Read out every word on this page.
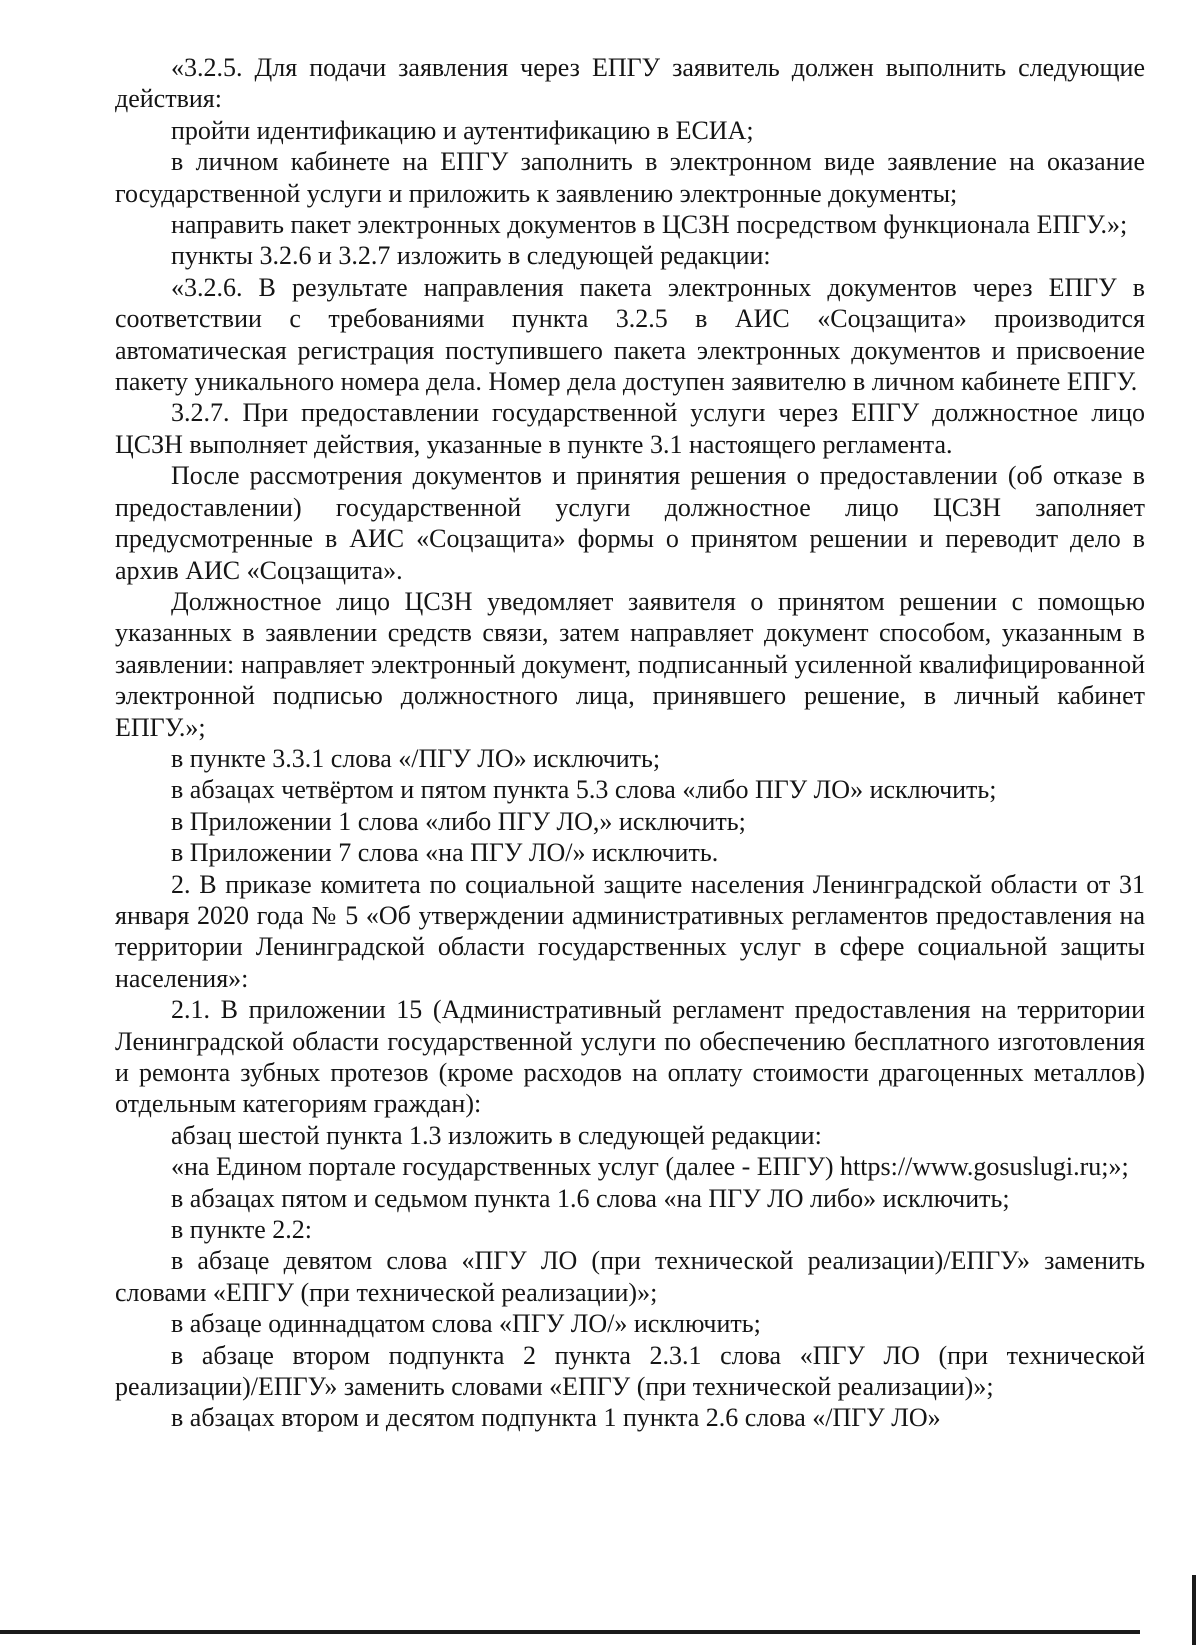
«3.2.5. Для подачи заявления через ЕПГУ заявитель должен выполнить следующие действия:

пройти идентификацию и аутентификацию в ЕСИА;

в личном кабинете на ЕПГУ заполнить в электронном виде заявление на оказание государственной услуги и приложить к заявлению электронные документы;

направить пакет электронных документов в ЦСЗН посредством функционала ЕПГУ.»;

пункты 3.2.6 и 3.2.7 изложить в следующей редакции:

«3.2.6. В результате направления пакета электронных документов через ЕПГУ в соответствии с требованиями пункта 3.2.5 в АИС «Соцзащита» производится автоматическая регистрация поступившего пакета электронных документов и присвоение пакету уникального номера дела. Номер дела доступен заявителю в личном кабинете ЕПГУ.

3.2.7. При предоставлении государственной услуги через ЕПГУ должностное лицо ЦСЗН выполняет действия, указанные в пункте 3.1 настоящего регламента.

После рассмотрения документов и принятия решения о предоставлении (об отказе в предоставлении) государственной услуги должностное лицо ЦСЗН заполняет предусмотренные в АИС «Соцзащита» формы о принятом решении и переводит дело в архив АИС «Соцзащита».

Должностное лицо ЦСЗН уведомляет заявителя о принятом решении с помощью указанных в заявлении средств связи, затем направляет документ способом, указанным в заявлении: направляет электронный документ, подписанный усиленной квалифицированной электронной подписью должностного лица, принявшего решение, в личный кабинет ЕПГУ.»;

в пункте 3.3.1 слова «/ПГУ ЛО» исключить;

в абзацах четвёртом и пятом пункта 5.3 слова «либо ПГУ ЛО» исключить;

в Приложении 1 слова «либо ПГУ ЛО,» исключить;

в Приложении 7 слова «на ПГУ ЛО/» исключить.

2. В приказе комитета по социальной защите населения Ленинградской области от 31 января 2020 года № 5 «Об утверждении административных регламентов предоставления на территории Ленинградской области государственных услуг в сфере социальной защиты населения»:

2.1. В приложении 15 (Административный регламент предоставления на территории Ленинградской области государственной услуги по обеспечению бесплатного изготовления и ремонта зубных протезов (кроме расходов на оплату стоимости драгоценных металлов) отдельным категориям граждан):

абзац шестой пункта 1.3 изложить в следующей редакции:

«на Едином портале государственных услуг (далее - ЕПГУ) https://www.gosuslugi.ru;»;

в абзацах пятом и седьмом пункта 1.6 слова «на ПГУ ЛО либо» исключить;

в пункте 2.2:

в абзаце девятом слова «ПГУ ЛО (при технической реализации)/ЕПГУ» заменить словами «ЕПГУ (при технической реализации)»;

в абзаце одиннадцатом слова «ПГУ ЛО/» исключить;

в абзаце втором подпункта 2 пункта 2.3.1 слова «ПГУ ЛО (при технической реализации)/ЕПГУ» заменить словами «ЕПГУ (при технической реализации)»;

в абзацах втором и десятом подпункта 1 пункта 2.6 слова «/ПГУ ЛО»
